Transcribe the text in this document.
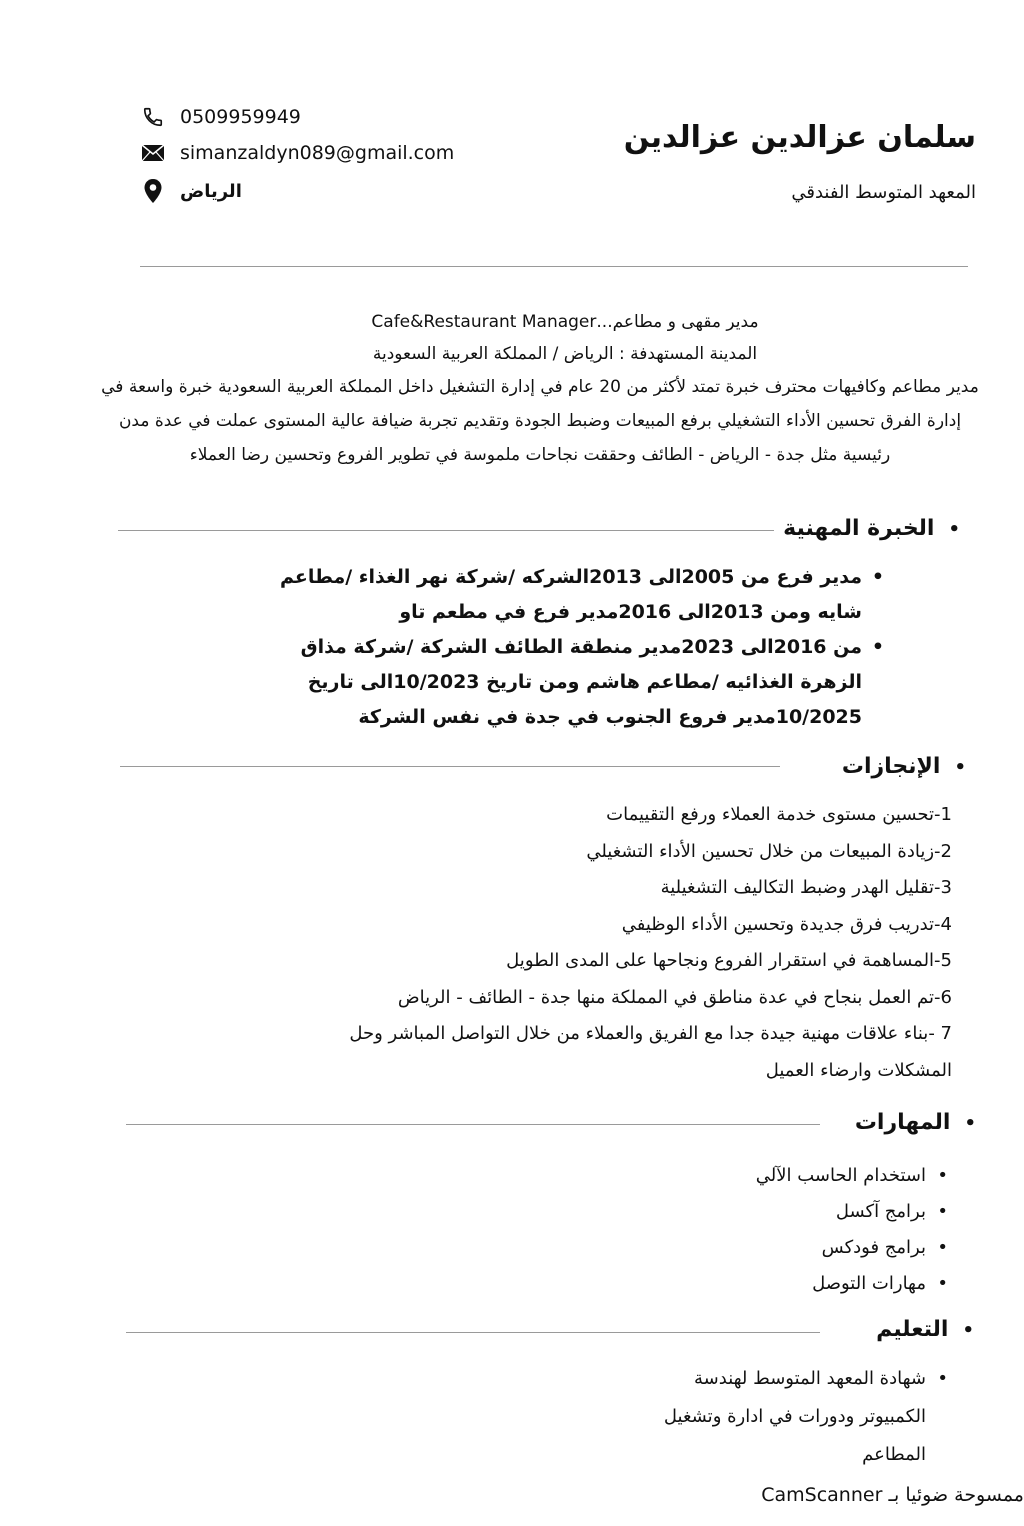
0509959949
simanzaldyn089@gmail.com
الرياض
سلمان عزالدين عزالدين
المعهد المتوسط الفندقي
مدير مقهى و مطاعم...Cafe&Restaurant Manager
المدينة المستهدفة : الرياض / المملكة العربية السعودية
مدير مطاعم وكافيهات محترف خبرة تمتد لأكثر من 20 عام في إدارة التشغيل داخل المملكة العربية السعودية خبرة واسعة في إدارة الفرق تحسين الأداء التشغيلي برفع المبيعات وضبط الجودة وتقديم تجربة ضيافة عالية المستوى عملت في عدة مدن رئيسية مثل جدة - الرياض - الطائف وحققت نجاحات ملموسة في تطوير الفروع وتحسين رضا العملاء
• الخبرة المهنية
• مدير فرع من 2005الى 2013الشركه /شركة نهر الغذاء /مطاعم شايه ومن 2013الى 2016مدير فرع في مطعم تاو
• من 2016الى 2023مدير منطقة الطائف الشركة /شركة مذاق الزهرة الغذائيه /مطاعم هاشم ومن تاريخ 10/2023الى تاريخ 10/2025مدير فروع الجنوب في جدة في نفس الشركة
• الإنجازات
1-تحسين مستوى خدمة العملاء ورفع التقييمات
2-زيادة المبيعات من خلال تحسين الأداء التشغيلي
3-تقليل الهدر وضبط التكاليف التشغيلية
4-تدريب فرق جديدة وتحسين الأداء الوظيفي
5-المساهمة في استقرار الفروع ونجاحها على المدى الطويل
6-تم العمل بنجاح في عدة مناطق في المملكة منها جدة - الطائف - الرياض
7 -بناء علاقات مهنية جيدة جدا مع الفريق والعملاء من خلال التواصل المباشر وحل المشكلات وارضاء العميل
• المهارات
• استخدام الحاسب الآلي
• برامج آكسل
• برامج فودكس
• مهارات التوصل
• التعليم
• شهادة المعهد المتوسط لهندسة الكمبيوتر ودورات في ادارة وتشغيل المطاعم
ممسوحة ضوئيا بـ CamScanner
